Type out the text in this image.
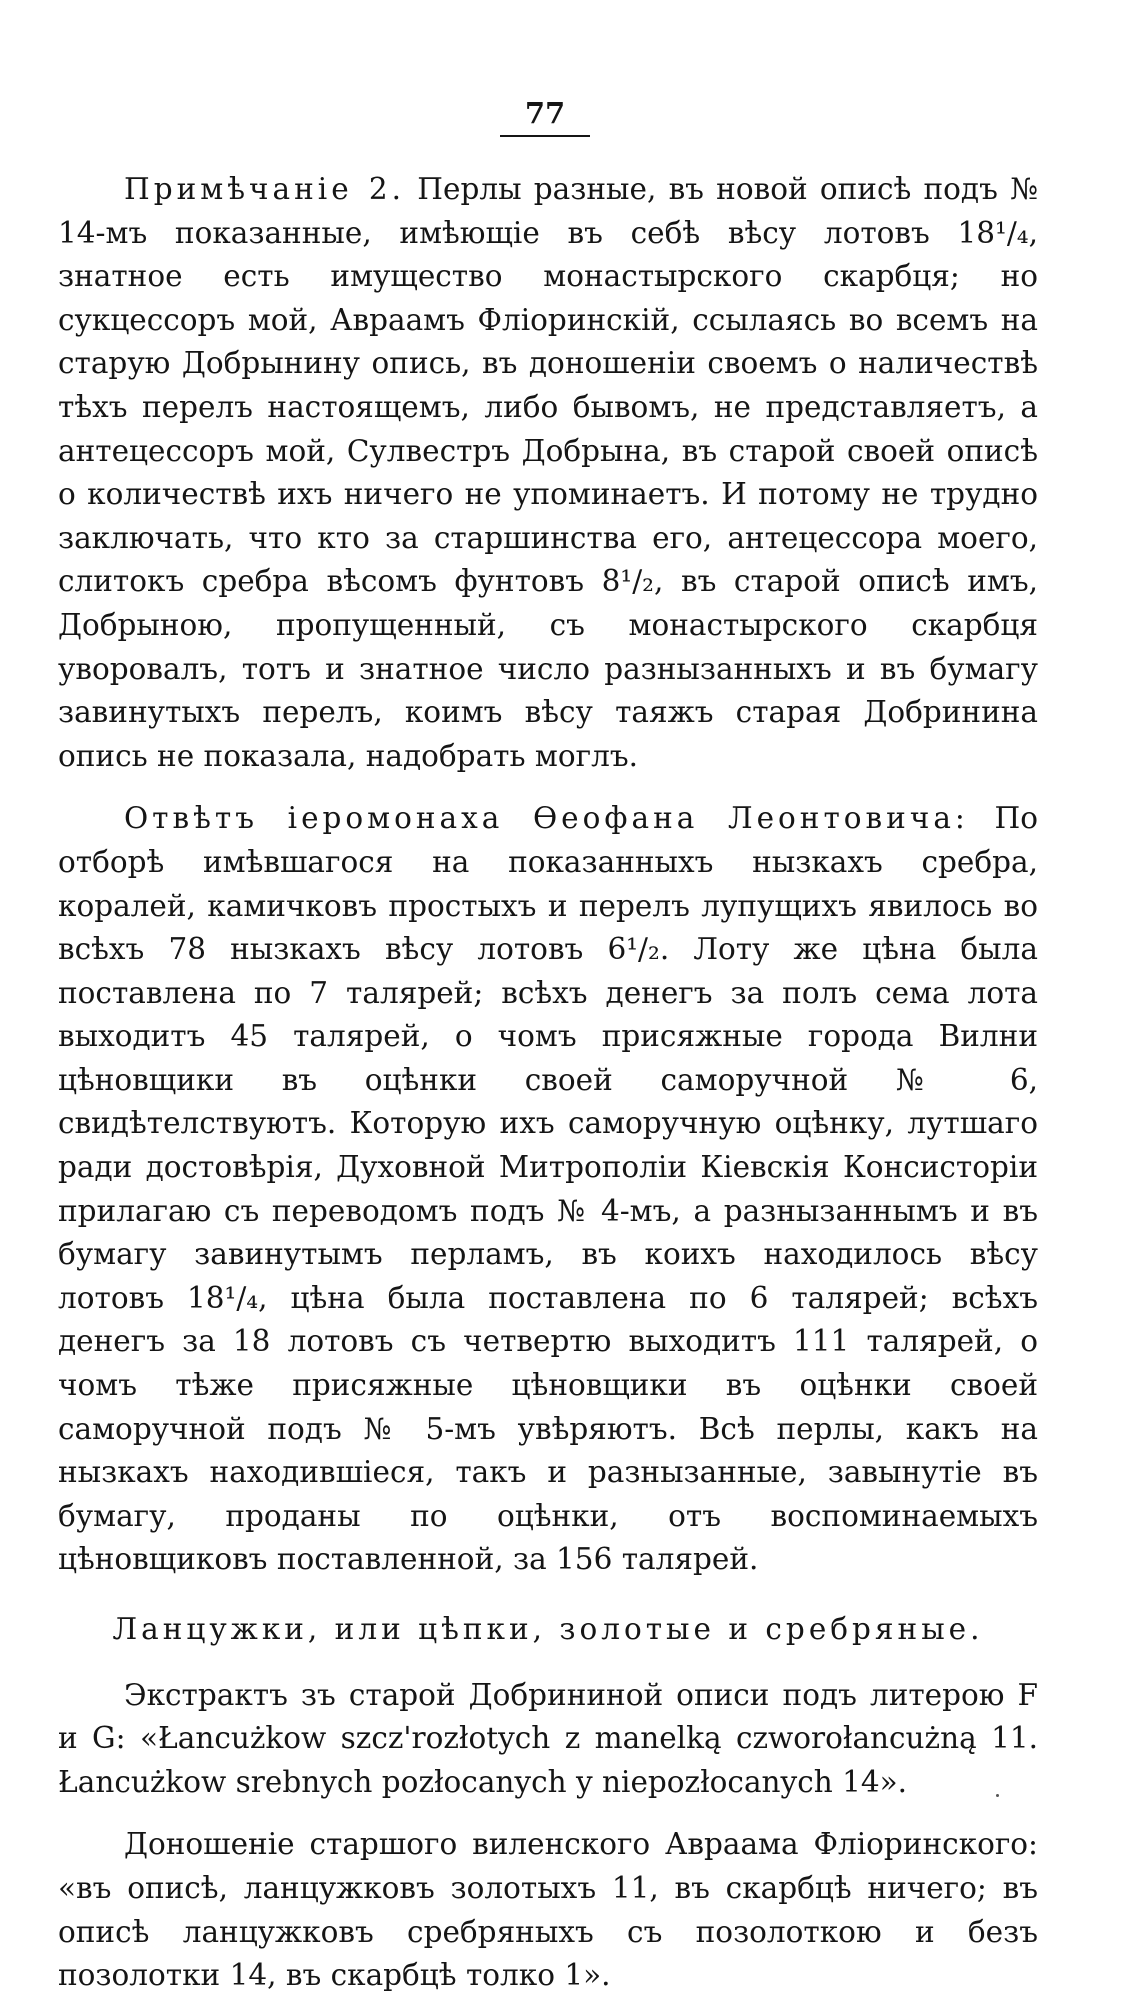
77

Примѣчаніе 2. Перлы разные, въ новой описѣ подъ № 14-мъ показанные, имѣющіе въ себѣ вѣсу лотовъ 18¹/₄, знатное есть имущество монастырского скарбця; но сукцессоръ мой, Авраамъ Фліоринскій, ссылаясь во всемъ на старую Добрынину опись, въ доношеніи своемъ о наличествѣ тѣхъ перелъ настоящемъ, либо бывомъ, не представляетъ, а антецессоръ мой, Сулвестръ Добрына, въ старой своей описѣ о количествѣ ихъ ничего не упоминаетъ. И потому не трудно заключать, что кто за старшинства его, антецессора моего, слитокъ сребра вѣсомъ фунтовъ 8¹/₂, въ старой описѣ имъ, Добрыною, пропущенный, съ монастырского скарбця уворовалъ, тотъ и знатное число разнызанныхъ и въ бумагу завинутыхъ перелъ, коимъ вѣсу таяжъ старая Добринина опись не показала, надобрать моглъ.

Отвѣтъ іеромонаха Өеофана Леонтовича: По отборѣ имѣвшагося на показанныхъ нызкахъ сребра, коралей, камичковъ простыхъ и перелъ лупущихъ явилось во всѣхъ 78 нызкахъ вѣсу лотовъ 6¹/₂. Лоту же цѣна была поставлена по 7 талярей; всѣхъ денегъ за полъ сема лота выходитъ 45 талярей, о чомъ присяжные города Вилни цѣновщики въ оцѣнки своей саморучной № 6, свидѣтелствуютъ. Которую ихъ саморучную оцѣнку, лутшаго ради достовѣрія, Духовной Митрополіи Кіевскія Консисторіи прилагаю съ переводомъ подъ № 4-мъ, а разнызаннымъ и въ бумагу завинутымъ перламъ, въ коихъ находилось вѣсу лотовъ 18¹/₄, цѣна была поставлена по 6 талярей; всѣхъ денегъ за 18 лотовъ съ четвертю выходитъ 111 талярей, о чомъ тѣже присяжные цѣновщики въ оцѣнки своей саморучной подъ № 5-мъ увѣряютъ. Всѣ перлы, какъ на нызкахъ находившіеся, такъ и разнызанные, завынутіе въ бумагу, проданы по оцѣнки, отъ воспоминаемыхъ цѣновщиковъ поставленной, за 156 талярей.

Ланцужки, или цѣпки, золотые и сребряные.

Экстрактъ зъ старой Добрининой описи подъ литерою F и G: «Łancużkow szcz'rozłotych z manelką czworołancużną 11. Łancużkow srebnych pozłocanych y nieрozłocanych 14».

Доношеніе старшого виленского Авраама Фліоринского: «въ описѣ, ланцужковъ золотыхъ 11, въ скарбцѣ ничего; въ описѣ ланцужковъ сребряныхъ съ позолоткою и безъ позолотки 14, въ скарбцѣ толко 1».
